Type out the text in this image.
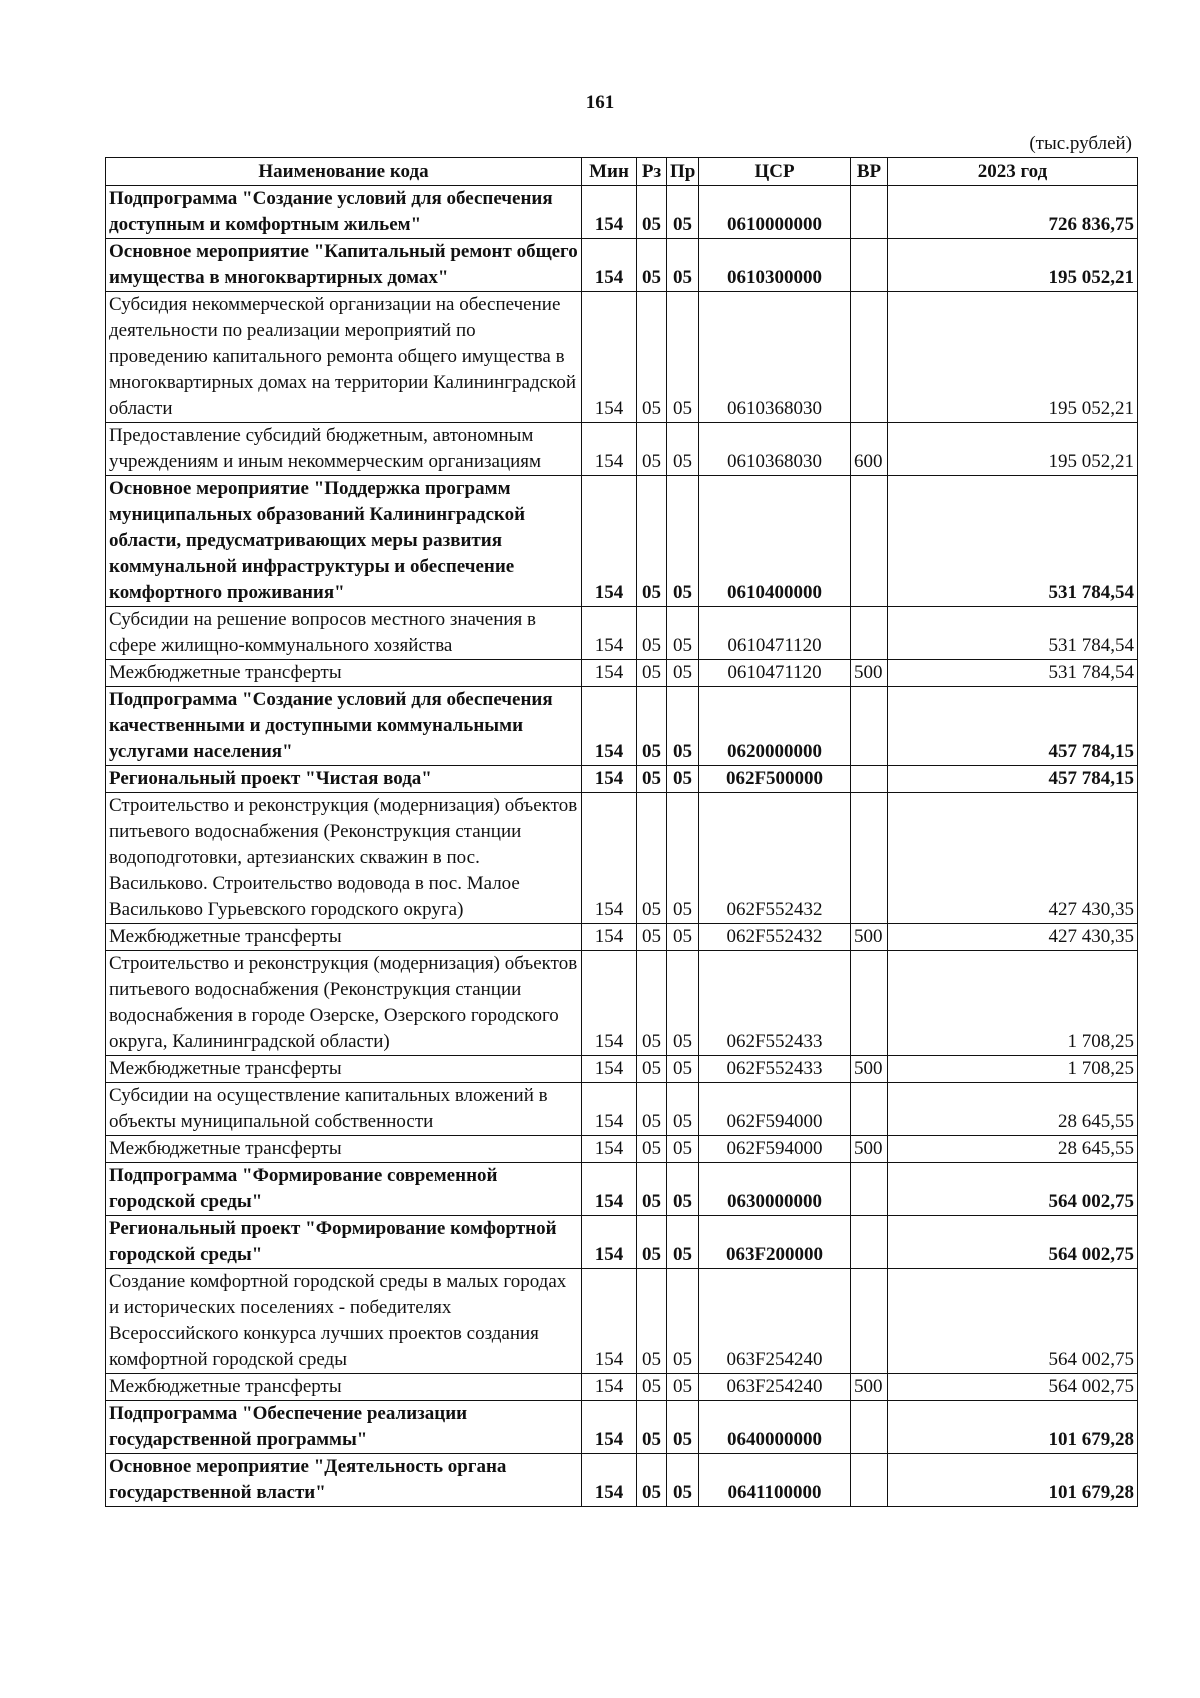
161
(тыс.рублей)
Наименование кода	Мин	Рз	Пр	ЦСР	ВР	2023 год
Подпрограмма "Создание условий для обеспечения доступным и комфортным жильем"	154	05	05	0610000000		726 836,75
Основное мероприятие "Капитальный ремонт общего имущества в многоквартирных домах"	154	05	05	0610300000		195 052,21
Субсидия некоммерческой организации на обеспечение деятельности по реализации мероприятий по проведению капитального ремонта общего имущества в многоквартирных домах на территории Калининградской области	154	05	05	0610368030		195 052,21
Предоставление субсидий бюджетным, автономным учреждениям и иным некоммерческим организациям	154	05	05	0610368030	600	195 052,21
Основное мероприятие "Поддержка программ муниципальных образований Калининградской области, предусматривающих меры развития коммунальной инфраструктуры и обеспечение комфортного проживания"	154	05	05	0610400000		531 784,54
Субсидии на решение вопросов местного значения в сфере жилищно-коммунального хозяйства	154	05	05	0610471120		531 784,54
Межбюджетные трансферты	154	05	05	0610471120	500	531 784,54
Подпрограмма "Создание условий для обеспечения качественными и доступными коммунальными услугами населения"	154	05	05	0620000000		457 784,15
Региональный проект "Чистая вода"	154	05	05	062F500000		457 784,15
Строительство и реконструкция (модернизация) объектов питьевого водоснабжения (Реконструкция станции водоподготовки, артезианских скважин в пос. Васильково. Строительство водовода в пос. Малое Васильково Гурьевского городского округа)	154	05	05	062F552432		427 430,35
Межбюджетные трансферты	154	05	05	062F552432	500	427 430,35
Строительство и реконструкция (модернизация) объектов питьевого водоснабжения (Реконструкция станции водоснабжения в городе Озерске, Озерского городского округа, Калининградской области)	154	05	05	062F552433		1 708,25
Межбюджетные трансферты	154	05	05	062F552433	500	1 708,25
Субсидии на осуществление капитальных вложений в объекты муниципальной собственности	154	05	05	062F594000		28 645,55
Межбюджетные трансферты	154	05	05	062F594000	500	28 645,55
Подпрограмма "Формирование современной городской среды"	154	05	05	0630000000		564 002,75
Региональный проект "Формирование комфортной городской среды"	154	05	05	063F200000		564 002,75
Создание комфортной городской среды в малых городах и исторических поселениях - победителях Всероссийского конкурса лучших проектов создания комфортной городской среды	154	05	05	063F254240		564 002,75
Межбюджетные трансферты	154	05	05	063F254240	500	564 002,75
Подпрограмма "Обеспечение реализации государственной программы"	154	05	05	0640000000		101 679,28
Основное мероприятие "Деятельность органа государственной власти"	154	05	05	0641100000		101 679,28
